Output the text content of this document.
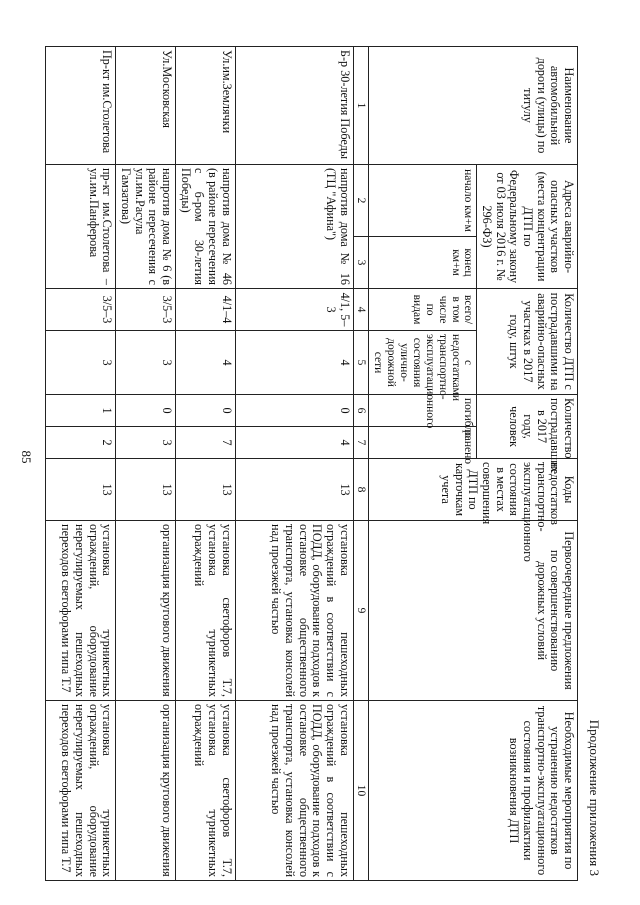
85
Продолжение приложения 3
Наименование автомобильной дороги (улицы) по титулу	Адреса аварийно-опасных участков (места концентрации ДТП по Федеральному закону от 03 июля 2016 г. № 296-ФЗ)		Количество ДТП с пострадавшими на аварийно-опасных участках в 2017 году, штук		Количество пострадавших в 2017 году, человек		Коды недостатков транспортно-эксплуатационного состояния в местах совершения ДТП по карточкам учета	Первоочередные предложения по совершенствованию дорожных условий	Необходимые мероприятия по устранению недостатков транспортно-эксплуатационного состояния и профилактики возникновения ДТП
	начало км+м	конец км+м	всего/ в том числе по видам	с недостатками транспортно-эксплуатационного состояния улично-дорожной сети	погибло	ранено			
1	2	3	4	5	6	7	8	9	10
Б-р 30-летия Победы	напротив дома № 16 (ТЦ "Афина")		4/1, 5–3	4	0	4	13	установка пешеходных ограждений в соответствии с ПОДД, оборудование подходов к остановке общественного транспорта, установка консолей над проезжей частью	установка пешеходных ограждений в соответствии с ПОДД, оборудование подходов к остановке общественного транспорта, установка консолей над проезжей частью
Ул.им.Землячки	напротив дома № 46 (в районе пересечения с б-ром 30-летия Победы)		4/1–4	4	0	7	13	установка светофоров Т.7, установка турникетных ограждений	установка светофоров Т.7, установка турникетных ограждений
Ул.Московская	напротив дома № 6 (в районе пересечения с ул.им.Расула Гамзатова)		3/5–3	3	0	3	13	организация кругового движения	организация кругового движения
Пр-кт им.Столетова	пр-кт им.Столетова – ул.им.Панферова		3/5–3	3	1	2	13	установка турникетных ограждений, оборудование нерегулируемых пешеходных переходов светофорами типа Т.7	установка турникетных ограждений, оборудование нерегулируемых пешеходных переходов светофорами типа Т.7
